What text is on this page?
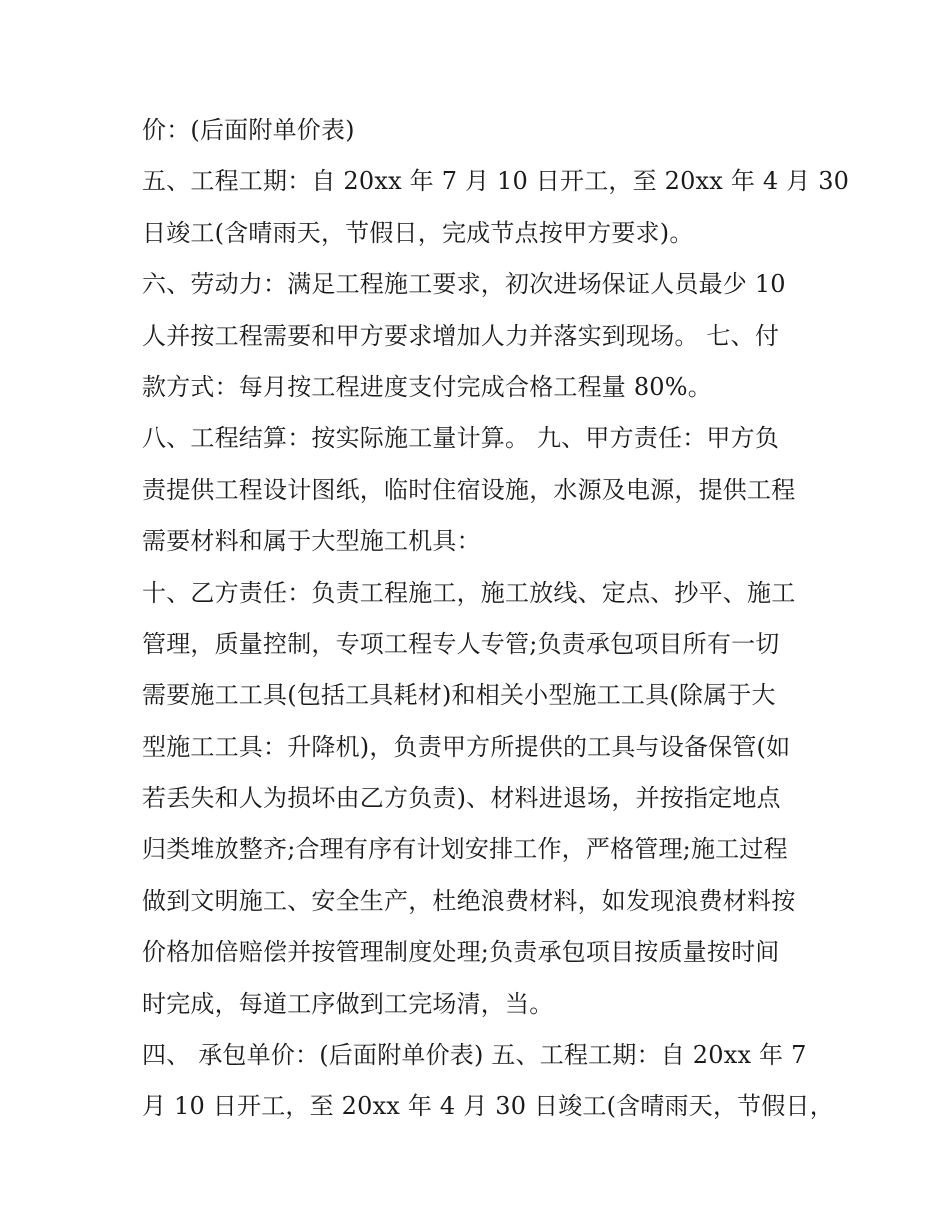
价：(后面附单价表)
五、工程工期：自 20xx 年 7 月 10 日开工，至 20xx 年 4 月 30
日竣工(含晴雨天，节假日，完成节点按甲方要求)。
六、劳动力：满足工程施工要求，初次进场保证人员最少 10
人并按工程需要和甲方要求增加人力并落实到现场。 七、付
款方式：每月按工程进度支付完成合格工程量 80%。
八、工程结算：按实际施工量计算。 九、甲方责任：甲方负
责提供工程设计图纸，临时住宿设施，水源及电源，提供工程
需要材料和属于大型施工机具：
十、乙方责任：负责工程施工，施工放线、定点、抄平、施工
管理，质量控制，专项工程专人专管;负责承包项目所有一切
需要施工工具(包括工具耗材)和相关小型施工工具(除属于大
型施工工具：升降机)，负责甲方所提供的工具与设备保管(如
若丢失和人为损坏由乙方负责)、材料进退场，并按指定地点
归类堆放整齐;合理有序有计划安排工作，严格管理;施工过程
做到文明施工、安全生产，杜绝浪费材料，如发现浪费材料按
价格加倍赔偿并按管理制度处理;负责承包项目按质量按时间
时完成，每道工序做到工完场清，当。
四、 承包单价：(后面附单价表) 五、工程工期：自 20xx 年 7
月 10 日开工，至 20xx 年 4 月 30 日竣工(含晴雨天，节假日，
